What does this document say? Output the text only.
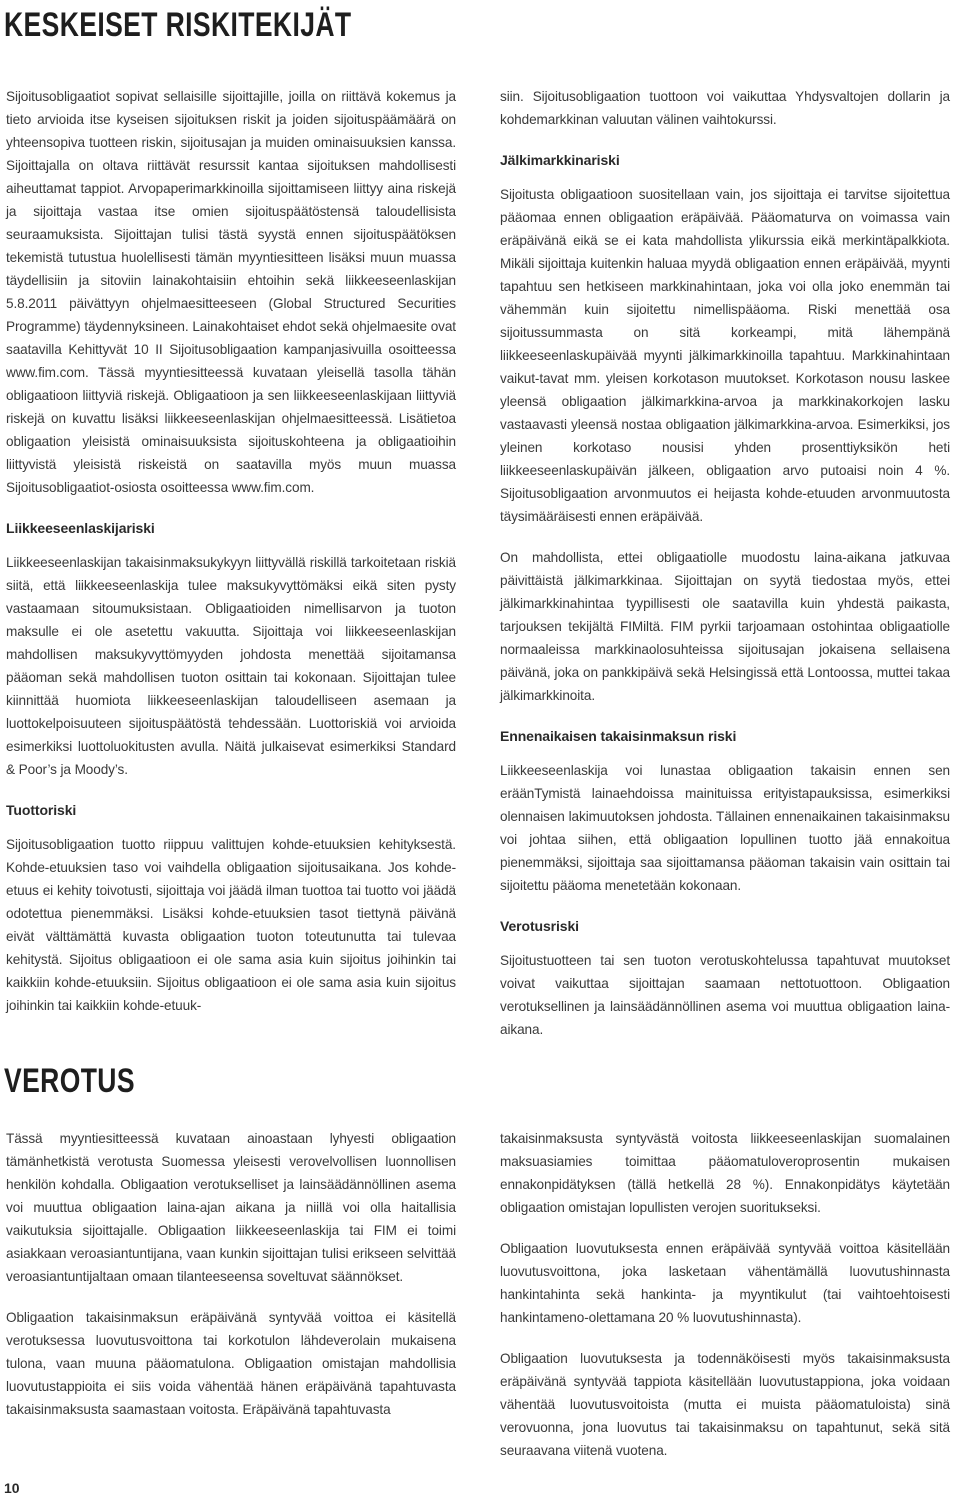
KESKEISET RISKITEKIJÄT

Sijoitusobligaatiot sopivat sellaisille sijoittajille, joilla on riittävä kokemus ja tieto arvioida itse kyseisen sijoituksen riskit ja joiden sijoituspäämäärä on yhteensopiva tuotteen riskin, sijoitusajan ja muiden ominaisuuksien kanssa. Sijoittajalla on oltava riittävät resurssit kantaa sijoituksen mahdollisesti aiheuttamat tappiot. Arvopaperimarkkinoilla sijoittamiseen liittyy aina riskejä ja sijoittaja vastaa itse omien sijoituspäätöstensä taloudellisista seuraamuksista. Sijoittajan tulisi tästä syystä ennen sijoituspäätöksen tekemistä tutustua huolellisesti tämän myyntiesitteen lisäksi muun muassa täydellisiin ja sitoviin lainakohtaisiin ehtoihin sekä liikkeeseenlaskijan 5.8.2011 päivättyyn ohjelmaesitteeseen (Global Structured Securities Programme) täydennyksineen. Lainakohtaiset ehdot sekä ohjelmaesite ovat saatavilla Kehittyvät 10 II Sijoitusobligaation kampanjasivuilla osoitteessa www.fim.com. Tässä myyntiesitteessä kuvataan yleisellä tasolla tähän obligaatioon liittyviä riskejä. Obligaatioon ja sen liikkeeseenlaskijaan liittyviä riskejä on kuvattu lisäksi liikkeeseenlaskijan ohjelmaesitteessä. Lisätietoa obligaation yleisistä ominaisuuksista sijoituskohteena ja obligaatioihin liittyvistä yleisistä riskeistä on saatavilla myös muun muassa Sijoitusobligaatiot-osiosta osoitteessa www.fim.com.

Liikkeeseenlaskijariski

Liikkeeseenlaskijan takaisinmaksukykyyn liittyvällä riskillä tarkoitetaan riskiä siitä, että liikkeeseenlaskija tulee maksukyvyttömäksi eikä siten pysty vastaamaan sitoumuksistaan. Obligaatioiden nimellisarvon ja tuoton maksulle ei ole asetettu vakuutta. Sijoittaja voi liikkeeseenlaskijan mahdollisen maksukyvyttömyyden johdosta menettää sijoitamansa pääoman sekä mahdollisen tuoton osittain tai kokonaan. Sijoittajan tulee kiinnittää huomiota liikkeeseenlaskijan taloudelliseen asemaan ja luottokelpoisuuteen sijoituspäätöstä tehdessään. Luottoriskiä voi arvioida esimerkiksi luottoluokitusten avulla. Näitä julkaisevat esimerkiksi Standard & Poor’s ja Moody’s.

Tuottoriski

Sijoitusobligaation tuotto riippuu valittujen kohde-etuuksien kehityksestä. Kohde-etuuksien taso voi vaihdella obligaation sijoitusaikana. Jos kohde-etuus ei kehity toivotusti, sijoittaja voi jäädä ilman tuottoa tai tuotto voi jäädä odotettua pienemmäksi. Lisäksi kohde-etuuksien tasot tiettynä päivänä eivät välttämättä kuvasta obligaation tuoton toteutunutta tai tulevaa kehitystä. Sijoitus obligaatioon ei ole sama asia kuin sijoitus joihinkin tai kaikkiin kohde-etuuksiin. Sijoitus obligaatioon ei ole sama asia kuin sijoitus joihinkin tai kaikkiin kohde-etuuk-

siin. Sijoitusobligaation tuottoon voi vaikuttaa Yhdysvaltojen dollarin ja kohdemarkkinan valuutan välinen vaihtokurssi.

Jälkimarkkinariski

Sijoitusta obligaatioon suositellaan vain, jos sijoittaja ei tarvitse sijoitettua pääomaa ennen obligaation eräpäivää. Pääomaturva on voimassa vain eräpäivänä eikä se ei kata mahdollista ylikurssia eikä merkintäpalkkiota. Mikäli sijoittaja kuitenkin haluaa myydä obligaation ennen eräpäivää, myynti tapahtuu sen hetkiseen markkinahintaan, joka voi olla joko enemmän tai vähemmän kuin sijoitettu nimellispääoma. Riski menettää osa sijoitussummasta on sitä korkeampi, mitä lähempänä liikkeeseenlaskupäivää myynti jälkimarkkinoilla tapahtuu. Markkinahintaan vaikut-tavat mm. yleisen korkotason muutokset. Korkotason nousu laskee yleensä obligaation jälkimarkkina-arvoa ja markkinakorkojen lasku vastaavasti yleensä nostaa obligaation jälkimarkkina-arvoa. Esimerkiksi, jos yleinen korkotaso nousisi yhden prosenttiyksikön heti liikkeeseenlaskupäivän jälkeen, obligaation arvo putoaisi noin 4 %. Sijoitusobligaation arvonmuutos ei heijasta kohde-etuuden arvonmuutosta täysimääräisesti ennen eräpäivää.

On mahdollista, ettei obligaatiolle muodostu laina-aikana jatkuvaa päivittäistä jälkimarkkinaa. Sijoittajan on syytä tiedostaa myös, ettei jälkimarkkinahintaa tyypillisesti ole saatavilla kuin yhdestä paikasta, tarjouksen tekijältä FIMiltä. FIM pyrkii tarjoamaan ostohintaa obligaatiolle normaaleissa markkinaolosuhteissa sijoitusajan jokaisena sellaisena päivänä, joka on pankkipäivä sekä Helsingissä että Lontoossa, muttei takaa jälkimarkkinoita.

Ennenaikaisen takaisinmaksun riski

Liikkeeseenlaskija voi lunastaa obligaation takaisin ennen sen eräänTymistä lainaehdoissa mainituissa erityistapauksissa, esimerkiksi olennaisen lakimuutoksen johdosta. Tällainen ennenaikainen takaisinmaksu voi johtaa siihen, että obligaation lopullinen tuotto jää ennakoitua pienemmäksi, sijoittaja saa sijoittamansa pääoman takaisin vain osittain tai sijoitettu pääoma menetetään kokonaan.

Verotusriski

Sijoitustuotteen tai sen tuoton verotuskohtelussa tapahtuvat muutokset voivat vaikuttaa sijoittajan saamaan nettotuottoon. Obligaation verotuksellinen ja lainsäädännöllinen asema voi muuttua obligaation laina-aikana.

VEROTUS

Tässä myyntiesitteessä kuvataan ainoastaan lyhyesti obligaation tämänhetkistä verotusta Suomessa yleisesti verovelvollisen luonnollisen henkilön kohdalla. Obligaation verotukselliset ja lainsäädännöllinen asema voi muuttua obligaation laina-ajan aikana ja niillä voi olla haitallisia vaikutuksia sijoittajalle. Obligaation liikkeeseenlaskija tai FIM ei toimi asiakkaan veroasiantuntijana, vaan kunkin sijoittajan tulisi erikseen selvittää veroasiantuntijaltaan omaan tilanteeseensa soveltuvat säännökset.

Obligaation takaisinmaksun eräpäivänä syntyvää voittoa ei käsitellä verotuksessa luovutusvoittona tai korkotulon lähdeverolain mukaisena tulona, vaan muuna pääomatulona. Obligaation omistajan mahdollisia luovutustappioita ei siis voida vähentää hänen eräpäivänä tapahtuvasta takaisinmaksusta saamastaan voitosta. Eräpäivänä tapahtuvasta

takaisinmaksusta syntyvästä voitosta liikkeeseenlaskijan suomalainen maksuasiamies toimittaa pääomatuloveroprosentin mukaisen ennakonpidätyksen (tällä hetkellä 28 %). Ennakonpidätys käytetään obligaation omistajan lopullisten verojen suoritukseksi.

Obligaation luovutuksesta ennen eräpäivää syntyvää voittoa käsitellään luovutusvoittona, joka lasketaan vähentämällä luovutushinnasta hankintahinta sekä hankinta- ja myyntikulut (tai vaihtoehtoisesti hankintameno-olettamana 20 % luovutushinnasta).

Obligaation luovutuksesta ja todennäköisesti myös takaisinmaksusta eräpäivänä syntyvää tappiota käsitellään luovutustappiona, joka voidaan vähentää luovutusvoitoista (mutta ei muista pääomatuloista) sinä verovuonna, jona luovutus tai takaisinmaksu on tapahtunut, sekä sitä seuraavana viitenä vuotena.

10
